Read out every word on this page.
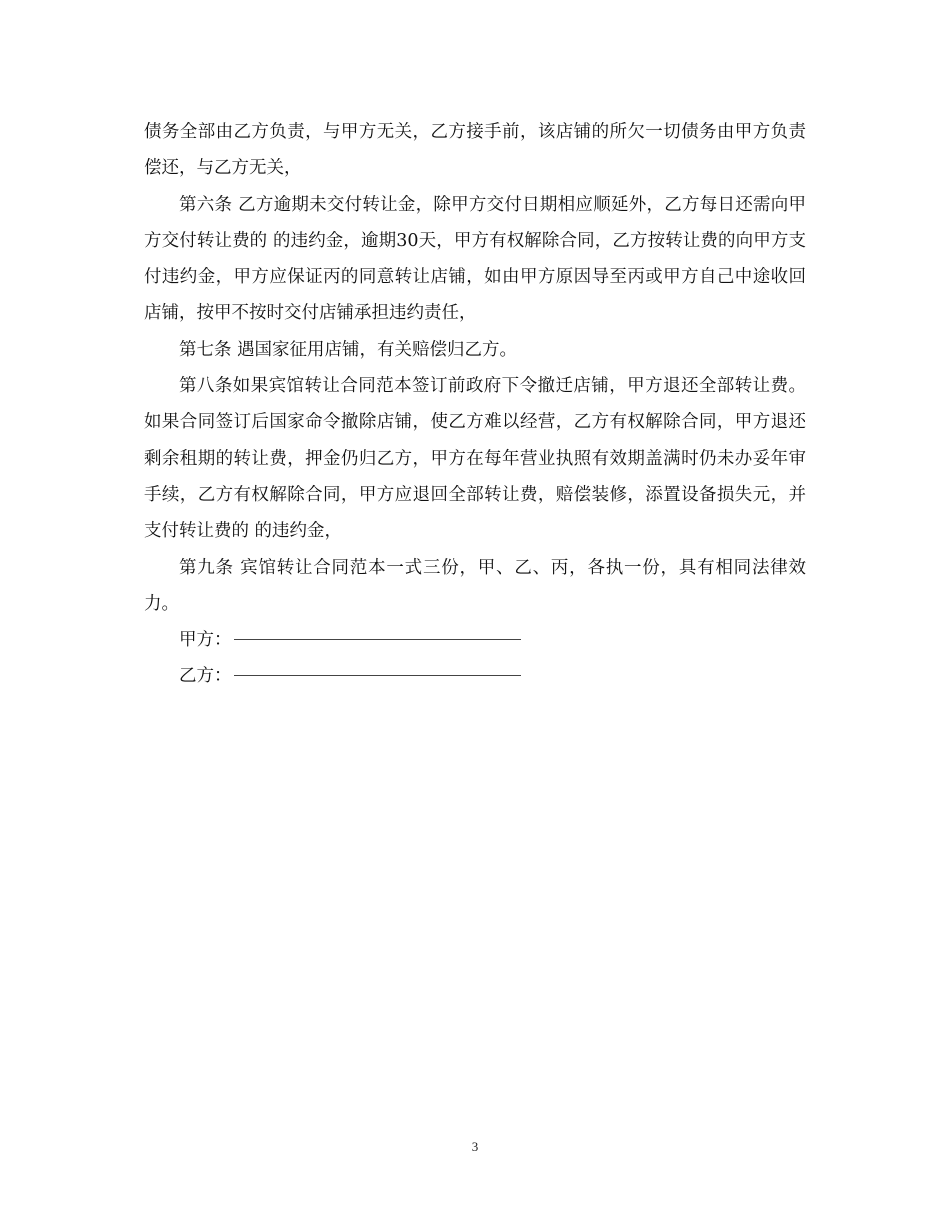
债务全部由乙方负责，与甲方无关，乙方接手前，该店铺的所欠一切债务由甲方负责偿还，与乙方无关，

第六条 乙方逾期未交付转让金，除甲方交付日期相应顺延外，乙方每日还需向甲方交付转让费的 的违约金，逾期30天，甲方有权解除合同，乙方按转让费的向甲方支付违约金，甲方应保证丙的同意转让店铺，如由甲方原因导至丙或甲方自己中途收回店铺，按甲不按时交付店铺承担违约责任，

第七条 遇国家征用店铺，有关赔偿归乙方。

第八条如果宾馆转让合同范本签订前政府下令撤迁店铺，甲方退还全部转让费。如果合同签订后国家命令撤除店铺，使乙方难以经营，乙方有权解除合同，甲方退还剩余租期的转让费，押金仍归乙方，甲方在每年营业执照有效期盖满时仍未办妥年审手续，乙方有权解除合同，甲方应退回全部转让费，赔偿装修，添置设备损失元，并支付转让费的 的违约金，

第九条 宾馆转让合同范本一式三份，甲、乙、丙，各执一份，具有相同法律效力。

甲方：
乙方：
3
